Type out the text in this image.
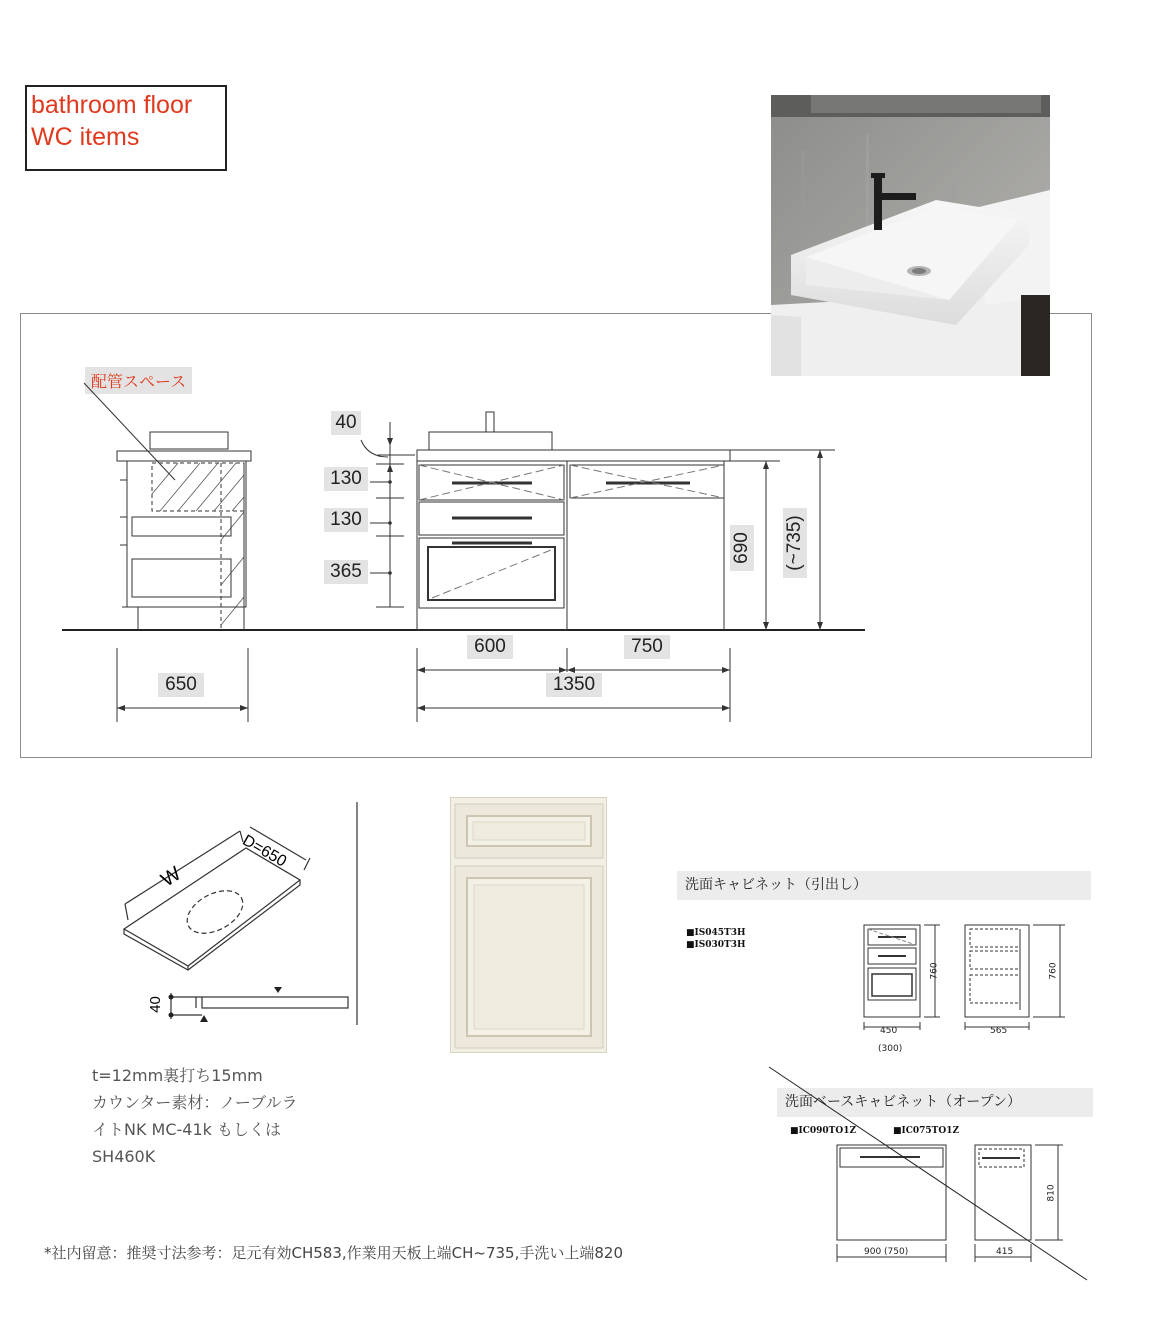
bathroom floor
WC items
配管スペース
40
130
130
365
690 (~735)
650
600	750
1350
W
D=650
40
t=12mm裏打ち15mm
カウンター素材：ノーブルラ
イトNK MC-41k もしくは
SH460K
洗面キャビネット（引出し）
■IS045T3H
■IS030T3H
450
(300)
760
565
760
洗面ベースキャビネット（オープン）
■IC090TO1Z	■IC075TO1Z
900 (750)
810
415
*社内留意：推奨寸法参考：足元有効CH583,作業用天板上端CH~735,手洗い上端820
